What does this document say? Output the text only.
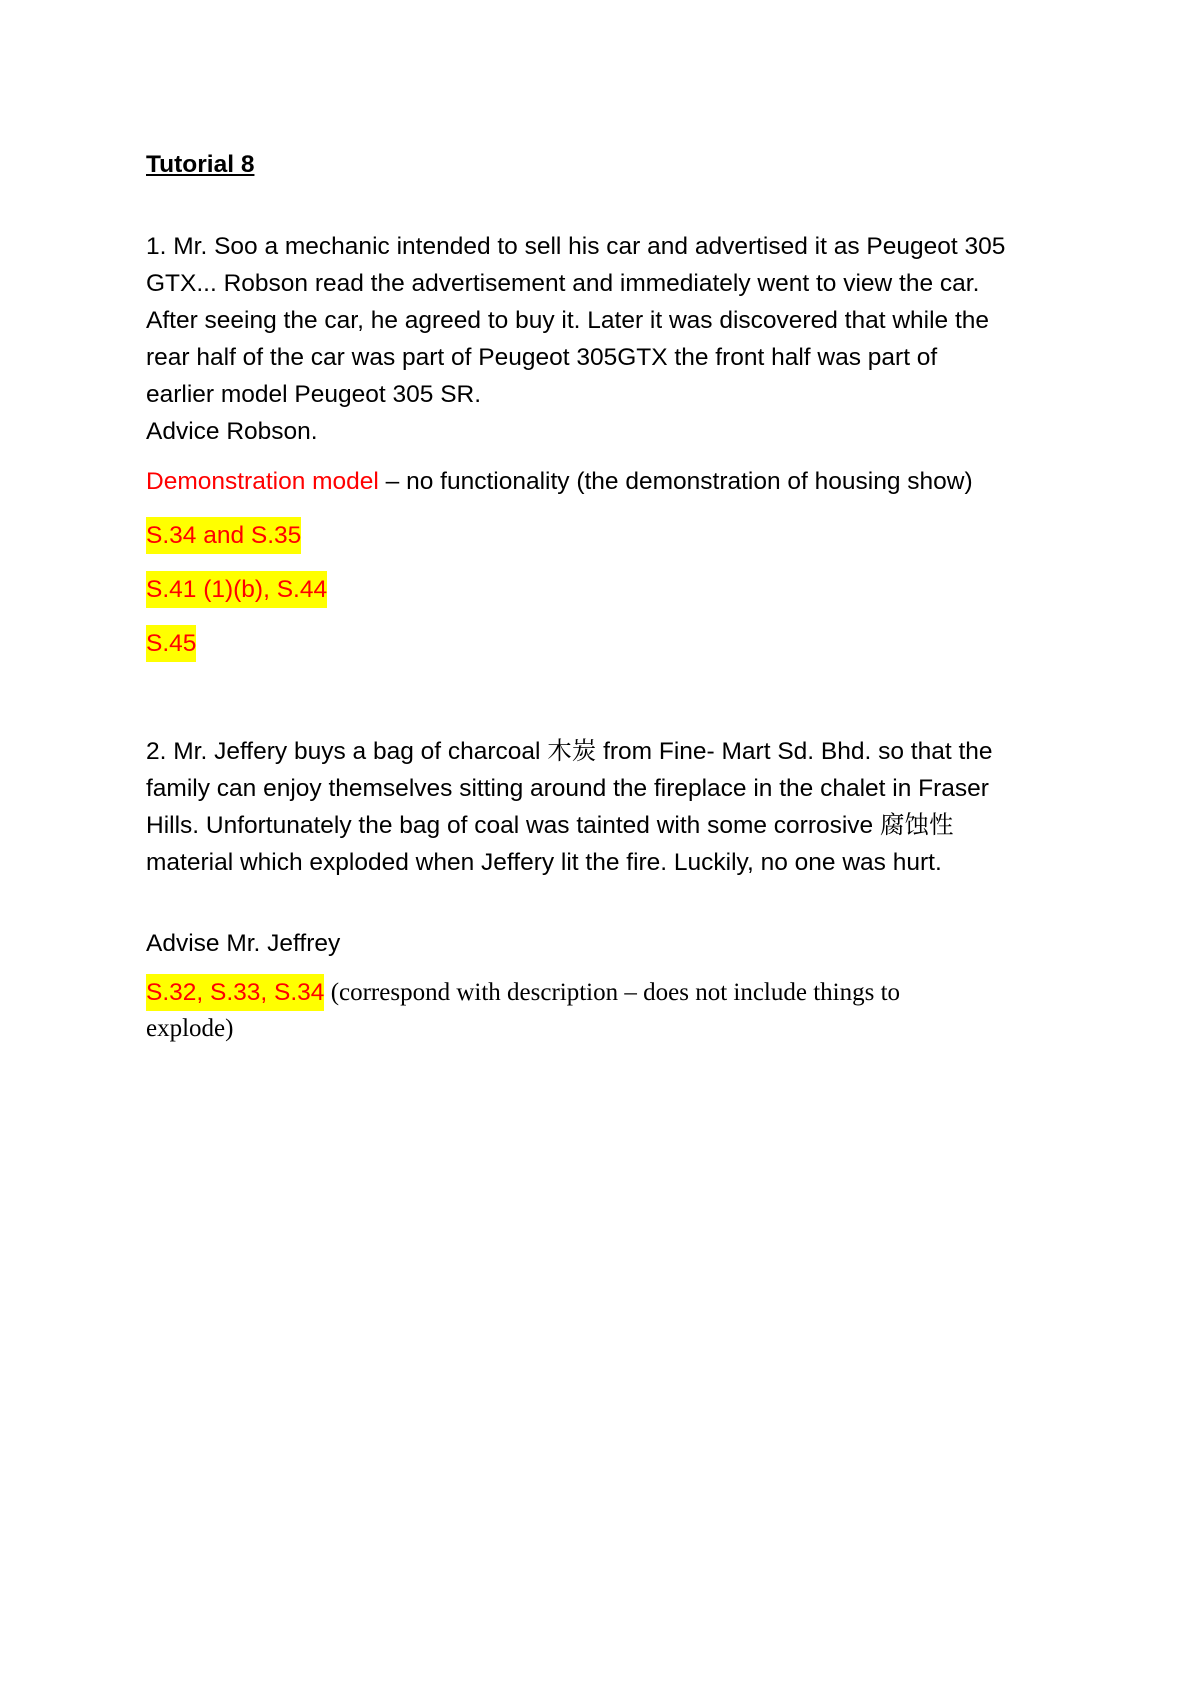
Tutorial 8
1. Mr. Soo a mechanic intended to sell his car and advertised it as Peugeot 305
GTX... Robson read the advertisement and immediately went to view the car.
After seeing the car, he agreed to buy it. Later it was discovered that while the
rear half of the car was part of Peugeot 305GTX the front half was part of
earlier model Peugeot 305 SR.
Advice Robson.
Demonstration model – no functionality (the demonstration of housing show)
S.34 and S.35
S.41 (1)(b), S.44
S.45
2. Mr. Jeffery buys a bag of charcoal 木炭 from Fine- Mart Sd. Bhd. so that the
family can enjoy themselves sitting around the fireplace in the chalet in Fraser
Hills. Unfortunately the bag of coal was tainted with some corrosive 腐蚀性
material which exploded when Jeffery lit the fire. Luckily, no one was hurt.
Advise Mr. Jeffrey
S.32, S.33, S.34 (correspond with description – does not include things to
explode)
